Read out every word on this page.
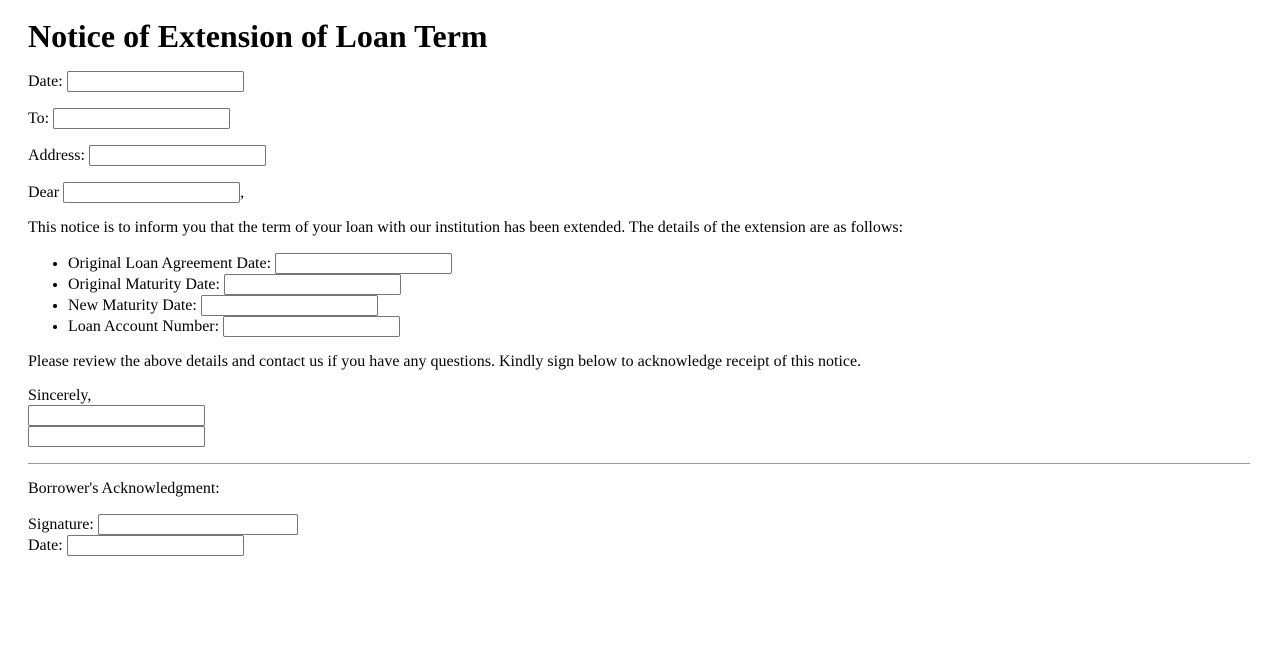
Notice of Extension of Loan Term

Date:

To:

Address:

Dear	,

This notice is to inform you that the term of your loan with our institution has been extended. The details of the extension are as follows:

• Original Loan Agreement Date:
• Original Maturity Date:
• New Maturity Date:
• Loan Account Number:

Please review the above details and contact us if you have any questions. Kindly sign below to acknowledge receipt of this notice.

Sincerely,

Borrower's Acknowledgment:

Signature:
Date:
